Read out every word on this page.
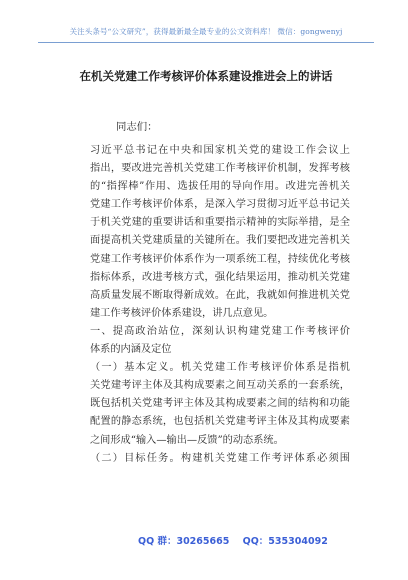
关注头条号“公文研究”，获得最新最全最专业的公文资料库！ 微信：gongwenyj
在机关党建工作考核评价体系建设推进会上的讲话
同志们：
习近平总书记在中央和国家机关党的建设工作会议上
指出，要改进完善机关党建工作考核评价机制，发挥考核
的“指挥棒”作用、选拔任用的导向作用。改进完善机关
党建工作考核评价体系，是深入学习贯彻习近平总书记关
于机关党建的重要讲话和重要指示精神的实际举措，是全
面提高机关党建质量的关键所在。我们要把改进完善机关
党建工作考核评价体系作为一项系统工程，持续优化考核
指标体系，改进考核方式，强化结果运用，推动机关党建
高质量发展不断取得新成效。在此，我就如何推进机关党
建工作考核评价体系建设，讲几点意见。
一、提高政治站位，深刻认识构建党建工作考核评价
体系的内涵及定位
（一）基本定义。机关党建工作考核评价体系是指机
关党建考评主体及其构成要素之间互动关系的一套系统，
既包括机关党建考评主体及其构成要素之间的结构和功能
配置的静态系统，也包括机关党建考评主体及其构成要素
之间形成“输入—输出—反馈”的动态系统。
（二）目标任务。构建机关党建工作考评体系必须围
QQ 群：30265665 QQ：535304092
